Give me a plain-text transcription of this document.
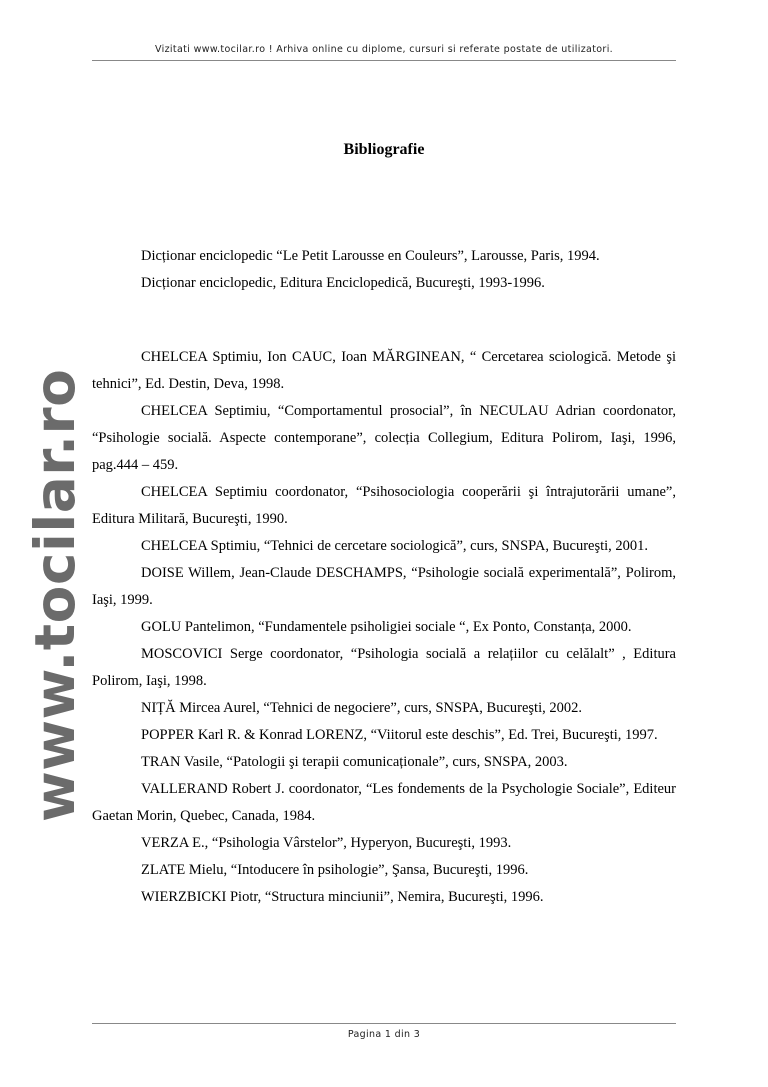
Vizitati www.tocilar.ro ! Arhiva online cu diplome, cursuri si referate postate de utilizatori.
www.tocilar.ro
Bibliografie

Dicționar enciclopedic “Le Petit Larousse en Couleurs”, Larousse, Paris, 1994.

Dicționar enciclopedic, Editura Enciclopedică, Bucureşti, 1993-1996.

CHELCEA Sptimiu, Ion CAUC, Ioan MĂRGINEAN, “ Cercetarea sciologică. Metode şi tehnici”, Ed. Destin, Deva, 1998.

CHELCEA Septimiu, “Comportamentul prosocial”, în NECULAU Adrian coordonator, “Psihologie socială. Aspecte contemporane”, colecția Collegium, Editura Polirom, Iaşi, 1996, pag.444 – 459.

CHELCEA Septimiu coordonator, “Psihosociologia cooperării şi întrajutorării umane”, Editura Militară, Bucureşti, 1990.

CHELCEA Sptimiu, “Tehnici de cercetare sociologică”, curs, SNSPA, Bucureşti, 2001.

DOISE Willem, Jean-Claude DESCHAMPS, “Psihologie socială experimentală”, Polirom, Iaşi, 1999.

GOLU Pantelimon, “Fundamentele psiholigiei sociale “, Ex Ponto, Constanța, 2000.

MOSCOVICI Serge coordonator, “Psihologia socială a relațiilor cu celălalt” , Editura Polirom, Iaşi, 1998.

NIȚĂ Mircea Aurel, “Tehnici de negociere”, curs, SNSPA, Bucureşti, 2002.

POPPER Karl R. & Konrad LORENZ, “Viitorul este deschis”, Ed. Trei, Bucureşti, 1997.

TRAN Vasile, “Patologii şi terapii comunicaționale”, curs, SNSPA, 2003.

VALLERAND Robert J. coordonator, “Les fondements de la Psychologie Sociale”, Editeur Gaetan Morin, Quebec, Canada, 1984.

VERZA E., “Psihologia Vârstelor”, Hyperyon, Bucureşti, 1993.

ZLATE Mielu, “Intoducere în psihologie”, Şansa, Bucureşti, 1996.

WIERZBICKI Piotr, “Structura minciunii”, Nemira, Bucureşti, 1996.

Pagina 1 din 3
